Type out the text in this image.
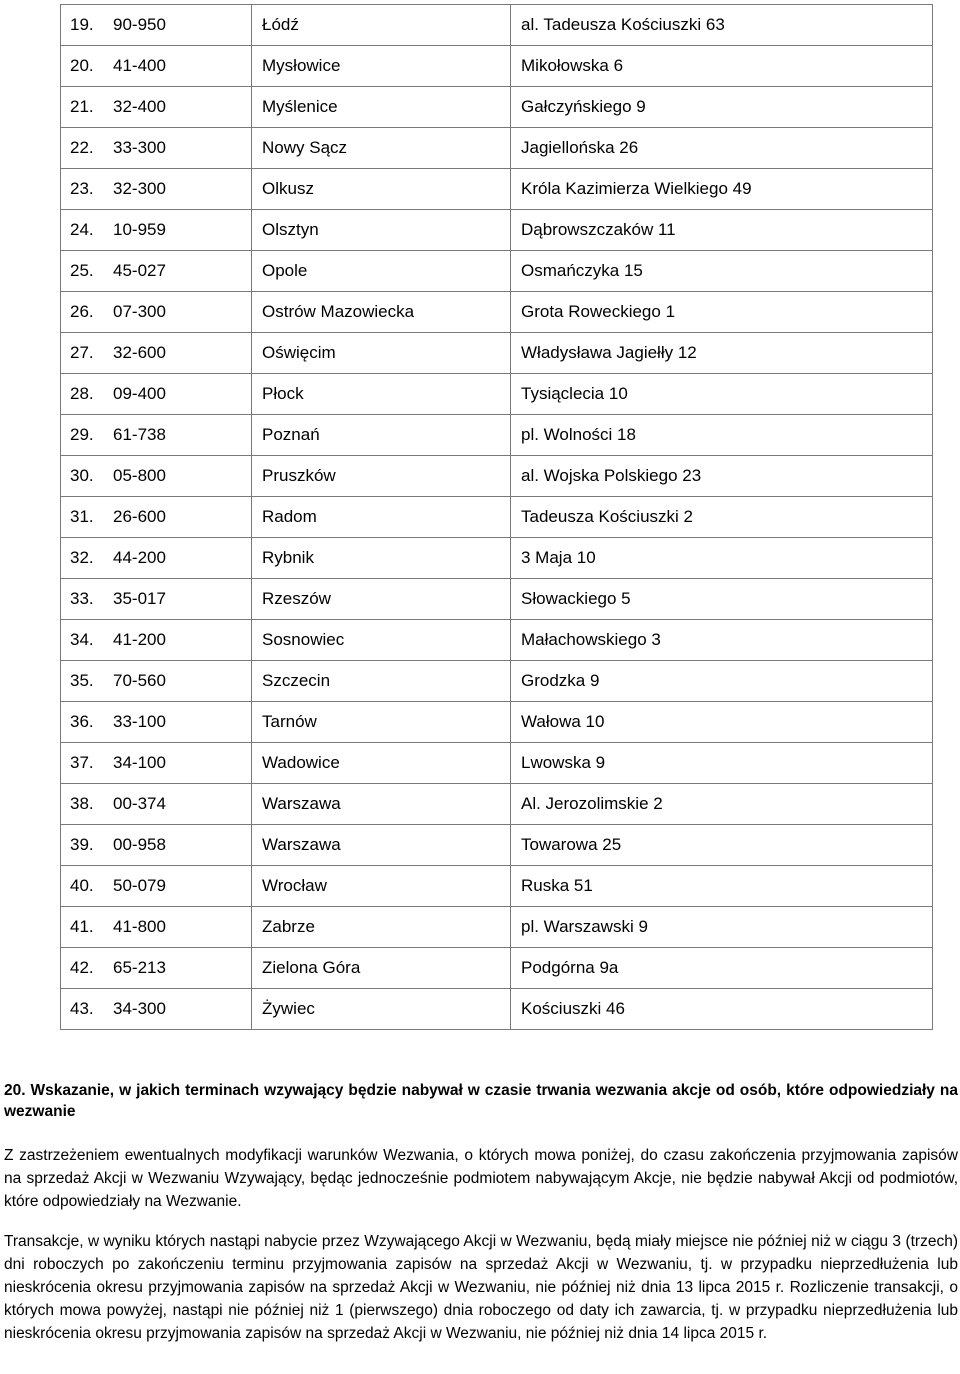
19. 90-950	Łódź	al. Tadeusza Kościuszki 63
20. 41-400	Mysłowice	Mikołowska 6
21. 32-400	Myślenice	Gałczyńskiego 9
22. 33-300	Nowy Sącz	Jagiellońska 26
23. 32-300	Olkusz	Króla Kazimierza Wielkiego 49
24. 10-959	Olsztyn	Dąbrowszczaków 11
25. 45-027	Opole	Osmańczyka 15
26. 07-300	Ostrów Mazowiecka	Grota Roweckiego 1
27. 32-600	Oświęcim	Władysława Jagiełły 12
28. 09-400	Płock	Tysiąclecia 10
29. 61-738	Poznań	pl. Wolności 18
30. 05-800	Pruszków	al. Wojska Polskiego 23
31. 26-600	Radom	Tadeusza Kościuszki 2
32. 44-200	Rybnik	3 Maja 10
33. 35-017	Rzeszów	Słowackiego 5
34. 41-200	Sosnowiec	Małachowskiego 3
35. 70-560	Szczecin	Grodzka 9
36. 33-100	Tarnów	Wałowa 10
37. 34-100	Wadowice	Lwowska 9
38. 00-374	Warszawa	Al. Jerozolimskie 2
39. 00-958	Warszawa	Towarowa 25
40. 50-079	Wrocław	Ruska 51
41. 41-800	Zabrze	pl. Warszawski 9
42. 65-213	Zielona Góra	Podgórna 9a
43. 34-300	Żywiec	Kościuszki 46
20. Wskazanie, w jakich terminach wzywający będzie nabywał w czasie trwania wezwania akcje od osób, które odpowiedziały na wezwanie

Z zastrzeżeniem ewentualnych modyfikacji warunków Wezwania, o których mowa poniżej, do czasu zakończenia przyjmowania zapisów na sprzedaż Akcji w Wezwaniu Wzywający, będąc jednocześnie podmiotem nabywającym Akcje, nie będzie nabywał Akcji od podmiotów, które odpowiedziały na Wezwanie.

Transakcje, w wyniku których nastąpi nabycie przez Wzywającego Akcji w Wezwaniu, będą miały miejsce nie później niż w ciągu 3 (trzech) dni roboczych po zakończeniu terminu przyjmowania zapisów na sprzedaż Akcji w Wezwaniu, tj. w przypadku nieprzedłużenia lub nieskrócenia okresu przyjmowania zapisów na sprzedaż Akcji w Wezwaniu, nie później niż dnia 13 lipca 2015 r. Rozliczenie transakcji, o których mowa powyżej, nastąpi nie później niż 1 (pierwszego) dnia roboczego od daty ich zawarcia, tj. w przypadku nieprzedłużenia lub nieskrócenia okresu przyjmowania zapisów na sprzedaż Akcji w Wezwaniu, nie później niż dnia 14 lipca 2015 r.
